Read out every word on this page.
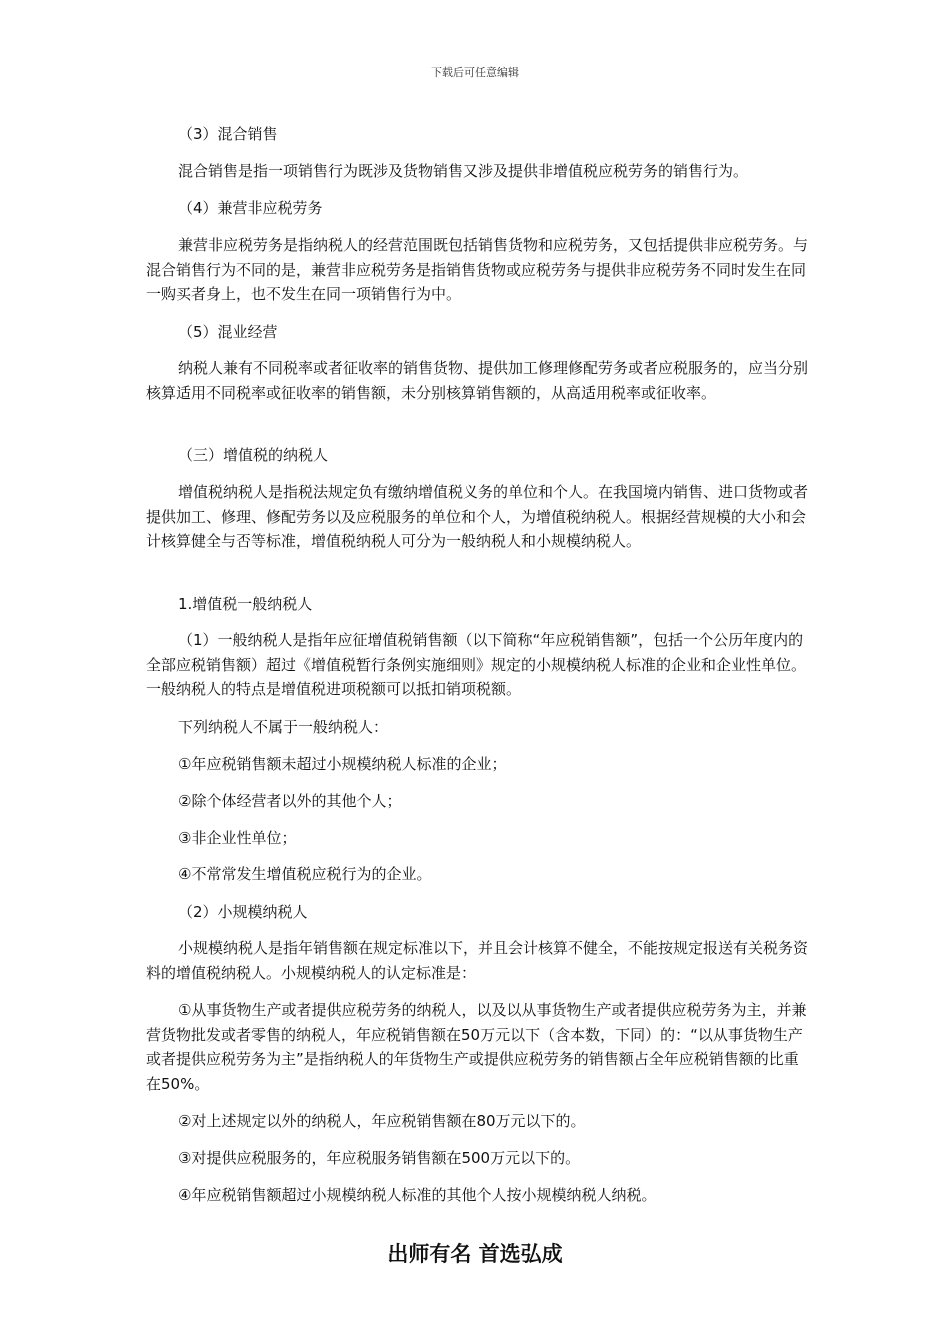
下载后可任意编辑

（3）混合销售

混合销售是指一项销售行为既涉及货物销售又涉及提供非增值税应税劳务的销售行为。

（4）兼营非应税劳务

兼营非应税劳务是指纳税人的经营范围既包括销售货物和应税劳务，又包括提供非应税劳务。与混合销售行为不同的是，兼营非应税劳务是指销售货物或应税劳务与提供非应税劳务不同时发生在同一购买者身上，也不发生在同一项销售行为中。

（5）混业经营

纳税人兼有不同税率或者征收率的销售货物、提供加工修理修配劳务或者应税服务的，应当分别核算适用不同税率或征收率的销售额，未分别核算销售额的，从高适用税率或征收率。

（三）增值税的纳税人

增值税纳税人是指税法规定负有缴纳增值税义务的单位和个人。在我国境内销售、进口货物或者提供加工、修理、修配劳务以及应税服务的单位和个人，为增值税纳税人。根据经营规模的大小和会计核算健全与否等标准，增值税纳税人可分为一般纳税人和小规模纳税人。

1.增值税一般纳税人

（1）一般纳税人是指年应征增值税销售额（以下简称“年应税销售额”，包括一个公历年度内的全部应税销售额）超过《增值税暂行条例实施细则》规定的小规模纳税人标准的企业和企业性单位。一般纳税人的特点是增值税进项税额可以抵扣销项税额。

下列纳税人不属于一般纳税人：

①年应税销售额未超过小规模纳税人标准的企业；

②除个体经营者以外的其他个人；

③非企业性单位；

④不常常发生增值税应税行为的企业。

（2）小规模纳税人

小规模纳税人是指年销售额在规定标准以下，并且会计核算不健全，不能按规定报送有关税务资料的增值税纳税人。小规模纳税人的认定标准是：

①从事货物生产或者提供应税劳务的纳税人，以及以从事货物生产或者提供应税劳务为主，并兼营货物批发或者零售的纳税人，年应税销售额在50万元以下（含本数，下同）的：“以从事货物生产或者提供应税劳务为主”是指纳税人的年货物生产或提供应税劳务的销售额占全年应税销售额的比重在50%。

②对上述规定以外的纳税人，年应税销售额在80万元以下的。

③对提供应税服务的，年应税服务销售额在500万元以下的。

④年应税销售额超过小规模纳税人标准的其他个人按小规模纳税人纳税。

出师有名 首选弘成
